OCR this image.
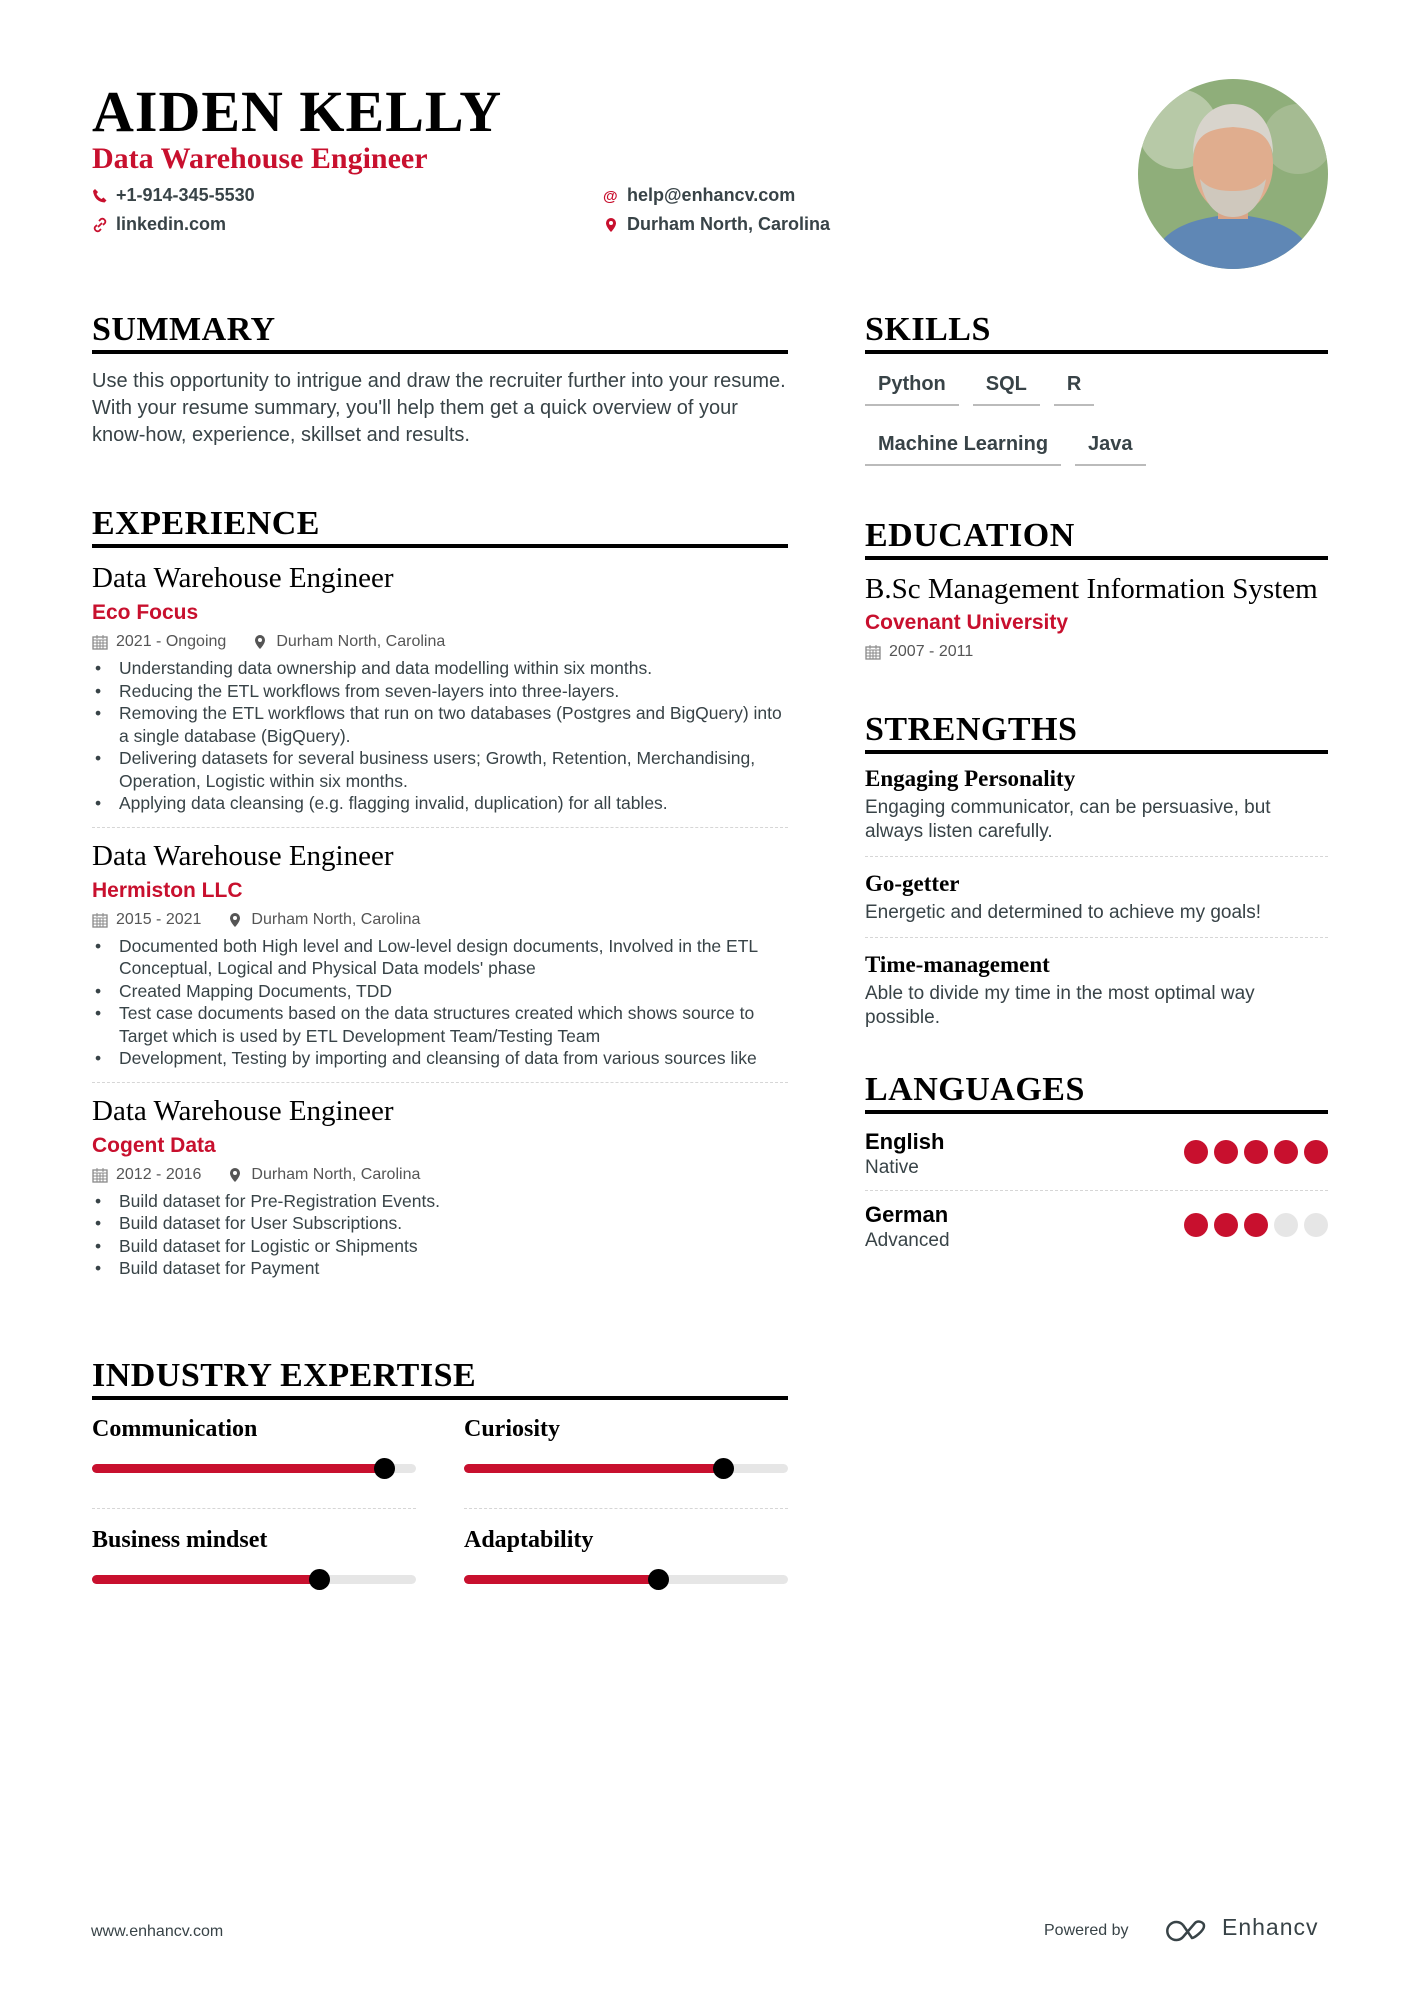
AIDEN KELLY
Data Warehouse Engineer
+1-914-345-5530
linkedin.com
@ help@enhancv.com
Durham North, Carolina
SUMMARY
Use this opportunity to intrigue and draw the recruiter further into your resume. With your resume summary, you'll help them get a quick overview of your know-how, experience, skillset and results.
EXPERIENCE
Data Warehouse Engineer
Eco Focus
2021 - Ongoing	Durham North, Carolina
• Understanding data ownership and data modelling within six months.
• Reducing the ETL workflows from seven-layers into three-layers.
• Removing the ETL workflows that run on two databases (Postgres and BigQuery) into a single database (BigQuery).
• Delivering datasets for several business users; Growth, Retention, Merchandising, Operation, Logistic within six months.
• Applying data cleansing (e.g. flagging invalid, duplication) for all tables.
Data Warehouse Engineer
Hermiston LLC
2015 - 2021	Durham North, Carolina
• Documented both High level and Low-level design documents, Involved in the ETL Conceptual, Logical and Physical Data models' phase
• Created Mapping Documents, TDD
• Test case documents based on the data structures created which shows source to Target which is used by ETL Development Team/Testing Team
• Development, Testing by importing and cleansing of data from various sources like
Data Warehouse Engineer
Cogent Data
2012 - 2016	Durham North, Carolina
• Build dataset for Pre-Registration Events.
• Build dataset for User Subscriptions.
• Build dataset for Logistic or Shipments
• Build dataset for Payment
INDUSTRY EXPERTISE
Communication	Curiosity
Business mindset	Adaptability
SKILLS
Python SQL R
Machine Learning Java
EDUCATION
B.Sc Management Information System
Covenant University
2007 - 2011
STRENGTHS
Engaging Personality
Engaging communicator, can be persuasive, but always listen carefully.
Go-getter
Energetic and determined to achieve my goals!
Time-management
Able to divide my time in the most optimal way possible.
LANGUAGES
English
Native
German
Advanced
www.enhancv.com	Powered by	Enhancv
